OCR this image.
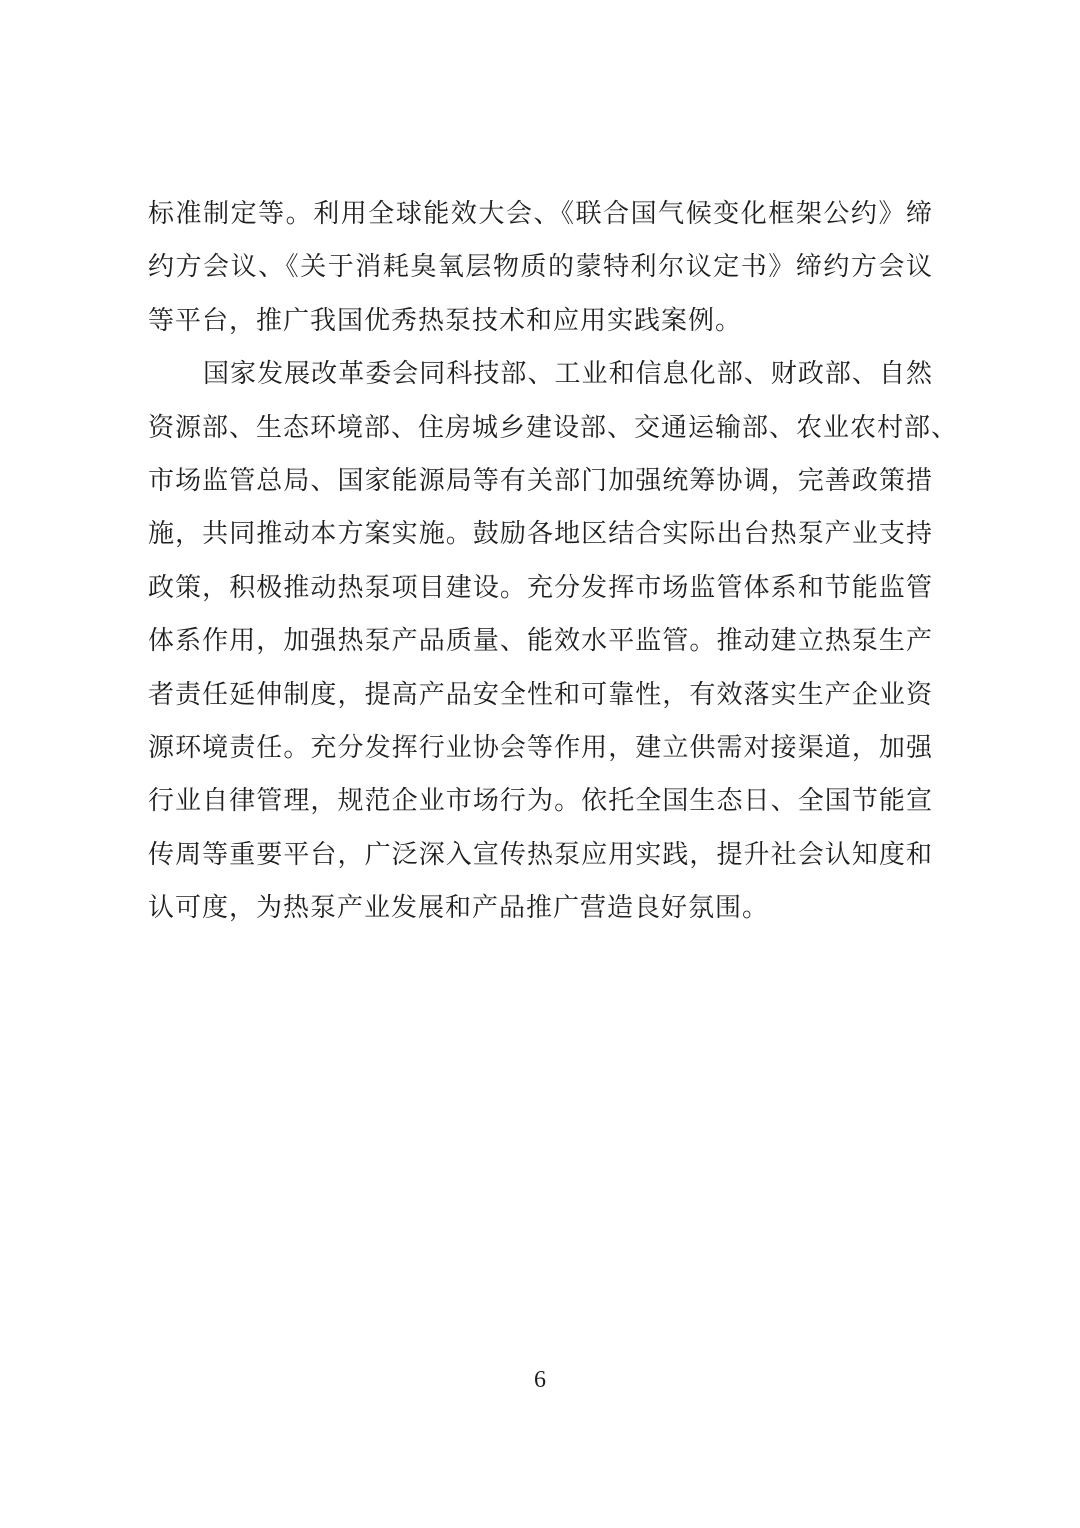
标准制定等。利用全球能效大会、《联合国气候变化框架公约》缔
约方会议、《关于消耗臭氧层物质的蒙特利尔议定书》缔约方会议
等平台，推广我国优秀热泵技术和应用实践案例。
国家发展改革委会同科技部、工业和信息化部、财政部、自然
资源部、生态环境部、住房城乡建设部、交通运输部、农业农村部、
市场监管总局、国家能源局等有关部门加强统筹协调，完善政策措
施，共同推动本方案实施。鼓励各地区结合实际出台热泵产业支持
政策，积极推动热泵项目建设。充分发挥市场监管体系和节能监管
体系作用，加强热泵产品质量、能效水平监管。推动建立热泵生产
者责任延伸制度，提高产品安全性和可靠性，有效落实生产企业资
源环境责任。充分发挥行业协会等作用，建立供需对接渠道，加强
行业自律管理，规范企业市场行为。依托全国生态日、全国节能宣
传周等重要平台，广泛深入宣传热泵应用实践，提升社会认知度和
认可度，为热泵产业发展和产品推广营造良好氛围。
6
